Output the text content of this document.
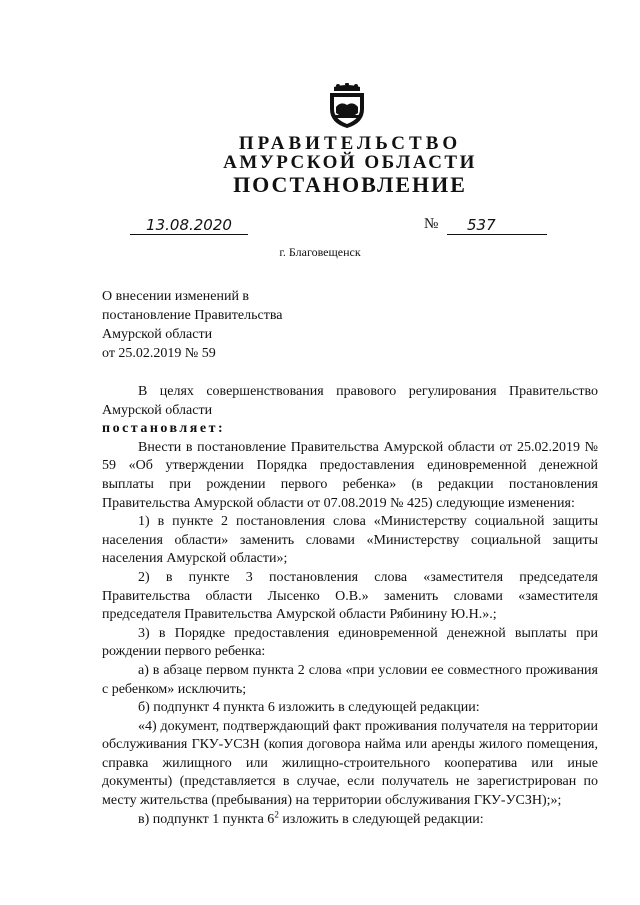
ПРАВИТЕЛЬСТВО
АМУРСКОЙ ОБЛАСТИ
ПОСТАНОВЛЕНИЕ
13.08.2020	№	537
г. Благовещенск
О внесении изменений в
постановление Правительства
Амурской области
от 25.02.2019 № 59

В целях совершенствования правового регулирования Правительство Амурской области

постановляет:

Внести в постановление Правительства Амурской области от 25.02.2019 № 59 «Об утверждении Порядка предоставления единовременной денежной выплаты при рождении первого ребенка» (в редакции постановления Правительства Амурской области от 07.08.2019 № 425) следующие изменения:

1) в пункте 2 постановления слова «Министерству социальной защиты населения области» заменить словами «Министерству социальной защиты населения Амурской области»;

2) в пункте 3 постановления слова «заместителя председателя Правительства области Лысенко О.В.» заменить словами «заместителя председателя Правительства Амурской области Рябинину Ю.Н.».;

3) в Порядке предоставления единовременной денежной выплаты при рождении первого ребенка:

а) в абзаце первом пункта 2 слова «при условии ее совместного проживания с ребенком» исключить;

б) подпункт 4 пункта 6 изложить в следующей редакции:

«4) документ, подтверждающий факт проживания получателя на территории обслуживания ГКУ-УСЗН (копия договора найма или аренды жилого помещения, справка жилищного или жилищно-строительного кооператива или иные документы) (представляется в случае, если получатель не зарегистрирован по месту жительства (пребывания) на территории обслуживания ГКУ-УСЗН);»;

в) подпункт 1 пункта $6^2$ изложить в следующей редакции:
